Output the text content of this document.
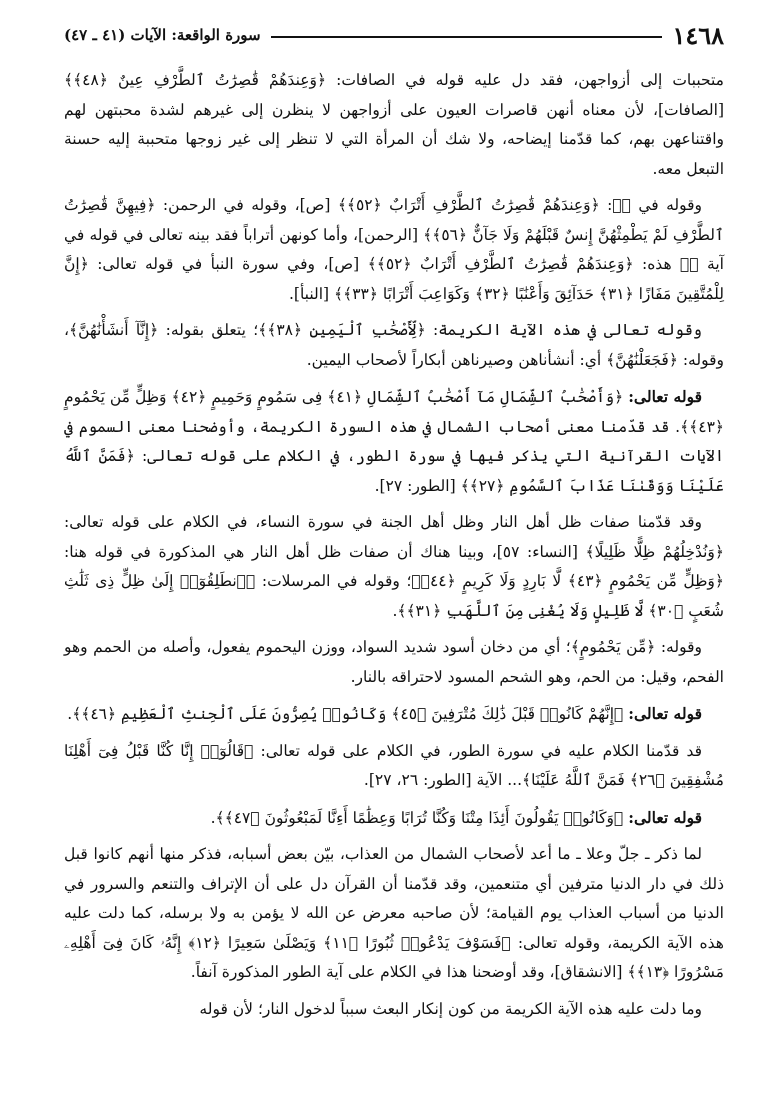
١٤٦٨
سورة الواقعة: الآيات (٤١ ـ ٤٧)

متحببات إلى أزواجهن، فقد دل عليه قوله في الصافات: ﴿وَعِندَهُمْ قَٰصِرَٰتُ ٱلطَّرْفِ عِينٌ ﴿٤٨﴾﴾ [الصافات]، لأن معناه أنهن قاصرات العيون على أزواجهن لا ينظرن إلى غيرهم لشدة محبتهن لهم واقتناعهن بهم، كما قدّمنا إيضاحه، ولا شك أن المرأة التي لا تنظر إلى غير زوجها متحببة إليه حسنة التبعل معه.

وقوله في صۤ: ﴿وَعِندَهُمْ قَٰصِرَٰتُ ٱلطَّرْفِ أَتْرَابٌ ﴿٥٢﴾﴾ [ص]، وقوله في الرحمن: ﴿فِيهِنَّ قَٰصِرَٰتُ ٱلطَّرْفِ لَمْ يَطْمِثْهُنَّ إِنسٌ قَبْلَهُمْ وَلَا جَآنٌّ ﴿٥٦﴾﴾ [الرحمن]، وأما كونهن أتراباً فقد بينه تعالى في قوله في آية صۤ هذه: ﴿وَعِندَهُمْ قَٰصِرَٰتُ ٱلطَّرْفِ أَتْرَابٌ ﴿٥٢﴾﴾ [ص]، وفي سورة النبأ في قوله تعالى: ﴿إِنَّ لِلْمُتَّقِينَ مَفَازًا ﴿٣١﴾ حَدَآئِقَ وَأَعْنَٰبًا ﴿٣٢﴾ وَكَوَاعِبَ أَتْرَابًا ﴿٣٣﴾﴾ [النبأ].

وقوله تعالى في هذه الآية الكريمة: ﴿لِّأَصْحَٰبِ ٱلْيَمِينِ ﴿٣٨﴾﴾؛ يتعلق بقوله: ﴿إِنَّآ أَنشَأْنَٰهُنَّ﴾، وقوله: ﴿فَجَعَلْنَٰهُنَّ﴾ أي: أنشأناهن وصيرناهن أبكاراً لأصحاب اليمين.

قوله تعالى: ﴿وَأَصْحَٰبُ ٱلشِّمَالِ مَآ أَصْحَٰبُ ٱلشِّمَالِ ﴿٤١﴾ فِى سَمُومٍ وَحَمِيمٍ ﴿٤٢﴾ وَظِلٍّ مِّن يَحْمُومٍ ﴿٤٣﴾﴾. قد قدّمنا معنى أصحاب الشمال في هذه السورة الكريمة، وأوضحنا معنى السموم في الآيات القرآنية التي يذكر فيها في سورة الطور، في الكلام على قوله تعالى: ﴿فَمَنَّ ٱللَّهُ عَلَيْنَا وَوَقَىٰنَا عَذَابَ ٱلسَّمُومِ ﴿٢٧﴾﴾ [الطور: ٢٧].

وقد قدّمنا صفات ظل أهل النار وظل أهل الجنة في سورة النساء، في الكلام على قوله تعالى: ﴿وَنُدْخِلُهُمْ ظِلًّا ظَلِيلًا﴾ [النساء: ٥٧]، وبينا هناك أن صفات ظل أهل النار هي المذكورة في قوله هنا: ﴿وَظِلٍّ مِّن يَحْمُومٍ ﴿٤٣﴾ لَّا بَارِدٍ وَلَا كَرِيمٍ ﴿٤٤﴾﴾؛ وقوله في المرسلات: ﴿ٱنطَلِقُوٓا۟ إِلَىٰ ظِلٍّ ذِى ثَلَٰثِ شُعَبٍ ﴿٣٠﴾ لَّا ظَلِيلٍ وَلَا يُغْنِى مِنَ ٱللَّهَبِ ﴿٣١﴾﴾.

وقوله: ﴿مِّن يَحْمُومٍ﴾؛ أي من دخان أسود شديد السواد، ووزن اليحموم يفعول، وأصله من الحمم وهو الفحم، وقيل: من الحم، وهو الشحم المسود لاحتراقه بالنار.

قوله تعالى: ﴿إِنَّهُمْ كَانُوا۟ قَبْلَ ذَٰلِكَ مُتْرَفِينَ ﴿٤٥﴾ وَكَانُوا۟ يُصِرُّونَ عَلَى ٱلْحِنثِ ٱلْعَظِيمِ ﴿٤٦﴾﴾.

قد قدّمنا الكلام عليه في سورة الطور، في الكلام على قوله تعالى: ﴿قَالُوٓا۟ إِنَّا كُنَّا قَبْلُ فِىٓ أَهْلِنَا مُشْفِقِينَ ﴿٢٦﴾ فَمَنَّ ٱللَّهُ عَلَيْنَا﴾... الآية [الطور: ٢٦، ٢٧].

قوله تعالى: ﴿وَكَانُوا۟ يَقُولُونَ أَئِذَا مِتْنَا وَكُنَّا تُرَابًا وَعِظَٰمًا أَءِنَّا لَمَبْعُوثُونَ ﴿٤٧﴾﴾.

لما ذكر ـ جلّ وعلا ـ ما أعد لأصحاب الشمال من العذاب، بيّن بعض أسبابه، فذكر منها أنهم كانوا قبل ذلك في دار الدنيا مترفين أي متنعمين، وقد قدّمنا أن القرآن دل على أن الإتراف والتنعم والسرور في الدنيا من أسباب العذاب يوم القيامة؛ لأن صاحبه معرض عن الله لا يؤمن به ولا برسله، كما دلت عليه هذه الآية الكريمة، وقوله تعالى: ﴿فَسَوْفَ يَدْعُوا۟ ثُبُورًا ﴿١١﴾ وَيَصْلَىٰ سَعِيرًا ﴿١٢﴾ إِنَّهُۥ كَانَ فِىٓ أَهْلِهِۦ مَسْرُورًا ﴿١٣﴾﴾ [الانشقاق]، وقد أوضحنا هذا في الكلام على آية الطور المذكورة آنفاً.

وما دلت عليه هذه الآية الكريمة من كون إنكار البعث سبباً لدخول النار؛ لأن قوله
